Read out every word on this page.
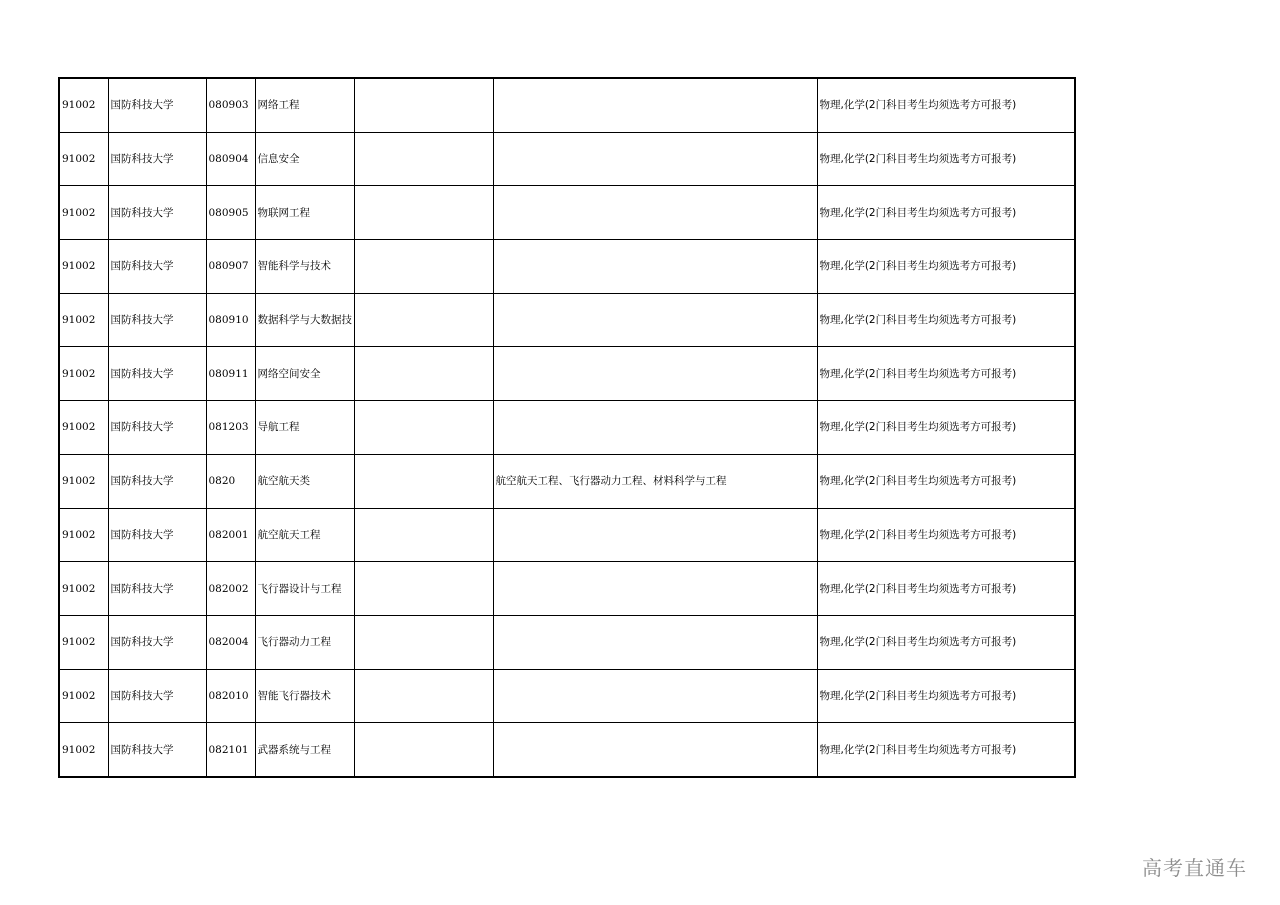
91002	国防科技大学	080903	网络工程			物理,化学(2门科目考生均须选考方可报考)
91002	国防科技大学	080904	信息安全			物理,化学(2门科目考生均须选考方可报考)
91002	国防科技大学	080905	物联网工程			物理,化学(2门科目考生均须选考方可报考)
91002	国防科技大学	080907	智能科学与技术			物理,化学(2门科目考生均须选考方可报考)
91002	国防科技大学	080910	数据科学与大数据技			物理,化学(2门科目考生均须选考方可报考)
91002	国防科技大学	080911	网络空间安全			物理,化学(2门科目考生均须选考方可报考)
91002	国防科技大学	081203	导航工程			物理,化学(2门科目考生均须选考方可报考)
91002	国防科技大学	0820	航空航天类		航空航天工程、飞行器动力工程、材料科学与工程	物理,化学(2门科目考生均须选考方可报考)
91002	国防科技大学	082001	航空航天工程			物理,化学(2门科目考生均须选考方可报考)
91002	国防科技大学	082002	飞行器设计与工程			物理,化学(2门科目考生均须选考方可报考)
91002	国防科技大学	082004	飞行器动力工程			物理,化学(2门科目考生均须选考方可报考)
91002	国防科技大学	082010	智能飞行器技术			物理,化学(2门科目考生均须选考方可报考)
91002	国防科技大学	082101	武器系统与工程			物理,化学(2门科目考生均须选考方可报考)
高考直通车
